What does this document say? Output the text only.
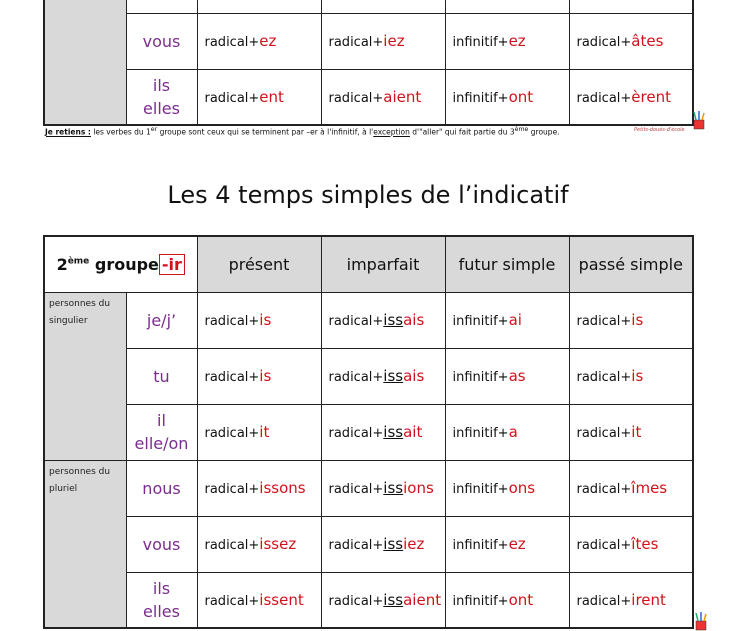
	vous	radical+ez	radical+iez	infinitif+ez	radical+âtes

	ils
elles	radical+ent	radical+aient	infinitif+ont	radical+èrent
Je retiens : les verbes du 1er groupe sont ceux qui se terminent par –er à l'infinitif, à l'exception d'"aller" qui fait partie du 3ème groupe.	Petits-doués-d'école
Les 4 temps simples de l’indicatif
2ème groupe -ir		présent	imparfait	futur simple	passé simple

personnes du
singulier	je/j’	radical+is	radical+issais	infinitif+ai	radical+is

	tu	radical+is	radical+issais	infinitif+as	radical+is

	il
elle/on	radical+it	radical+issait	infinitif+a	radical+it

personnes du
pluriel	nous	radical+issons	radical+issions	infinitif+ons	radical+îmes

	vous	radical+issez	radical+issiez	infinitif+ez	radical+îtes

	ils
elles	radical+issent	radical+issaient	infinitif+ont	radical+irent
